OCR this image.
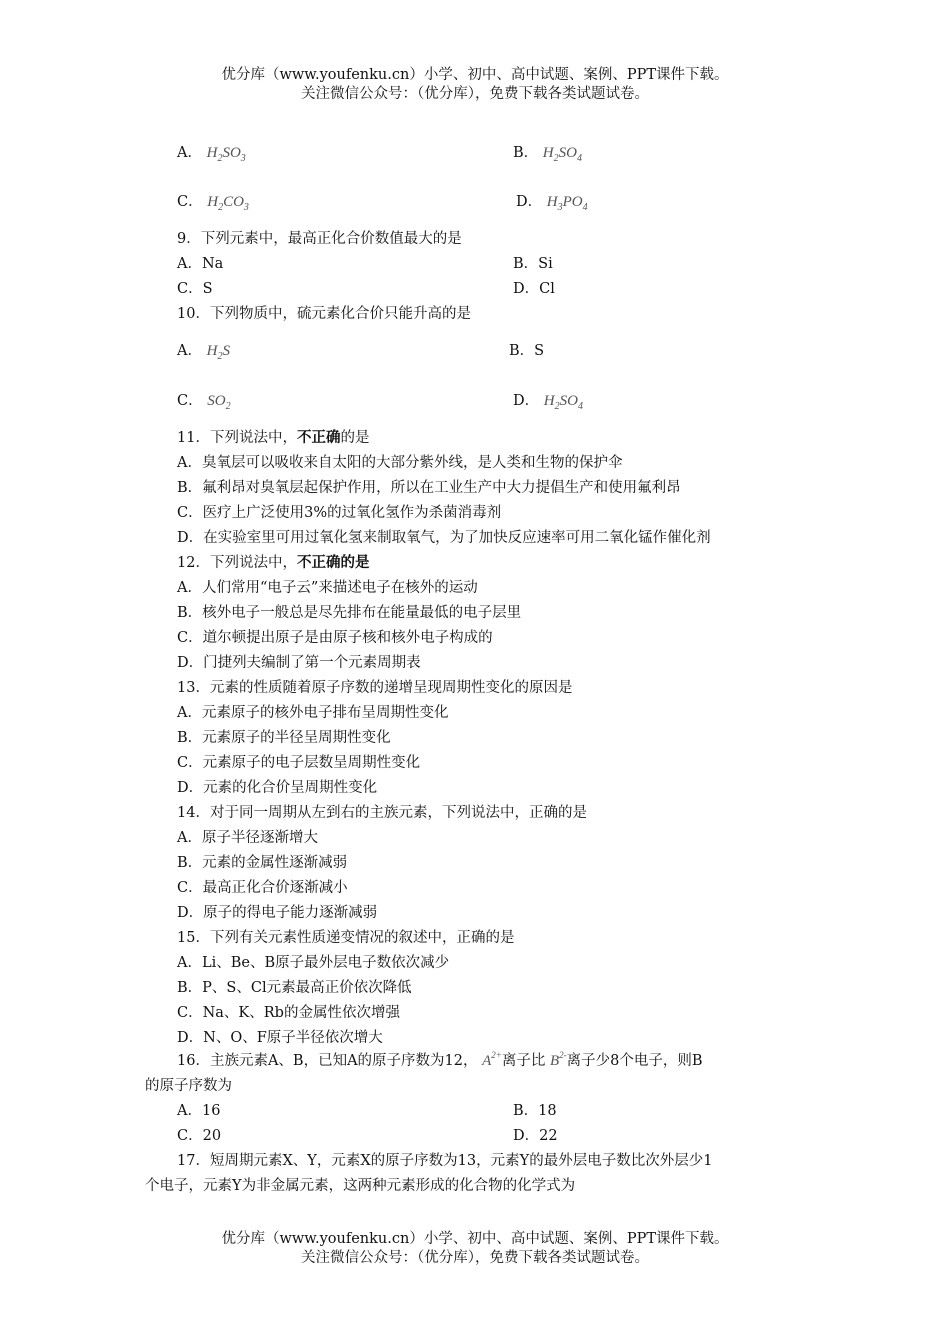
优分库（www.youfenku.cn）小学、初中、高中试题、案例、PPT课件下载。
关注微信公众号：（优分库），免费下载各类试题试卷。
A． $H_2SO_3$	B． $H_2SO_4$
C． $H_2CO_3$	D． $H_3PO_4$
9．下列元素中，最高正化合价数值最大的是
A．Na	B．Si
C．S	D．Cl
10．下列物质中，硫元素化合价只能升高的是
A． $H_2S$	B．S
C． $SO_2$	D． $H_2SO_4$
11．下列说法中，不正确的是
A．臭氧层可以吸收来自太阳的大部分紫外线，是人类和生物的保护伞
B．氟利昂对臭氧层起保护作用，所以在工业生产中大力提倡生产和使用氟利昂
C．医疗上广泛使用3%的过氧化氢作为杀菌消毒剂
D．在实验室里可用过氧化氢来制取氧气，为了加快反应速率可用二氧化锰作催化剂
12．下列说法中，不正确的是
A．人们常用“电子云”来描述电子在核外的运动
B．核外电子一般总是尽先排布在能量最低的电子层里
C．道尔顿提出原子是由原子核和核外电子构成的
D．门捷列夫编制了第一个元素周期表
13．元素的性质随着原子序数的递增呈现周期性变化的原因是
A．元素原子的核外电子排布呈周期性变化
B．元素原子的半径呈周期性变化
C．元素原子的电子层数呈周期性变化
D．元素的化合价呈周期性变化
14．对于同一周期从左到右的主族元素，下列说法中，正确的是
A．原子半径逐渐增大
B．元素的金属性逐渐减弱
C．最高正化合价逐渐减小
D．原子的得电子能力逐渐减弱
15．下列有关元素性质递变情况的叙述中，正确的是
A．Li、Be、B原子最外层电子数依次减少
B．P、S、Cl元素最高正价依次降低
C．Na、K、Rb的金属性依次增强
D．N、O、F原子半径依次增大
16．主族元素A、B，已知A的原子序数为12， $A^{2+}$离子比 $B^{2-}$离子少8个电子，则B
的原子序数为
A．16	B．18
C．20	D．22
17．短周期元素X、Y，元素X的原子序数为13，元素Y的最外层电子数比次外层少1
个电子，元素Y为非金属元素，这两种元素形成的化合物的化学式为
优分库（www.youfenku.cn）小学、初中、高中试题、案例、PPT课件下载。
关注微信公众号：（优分库），免费下载各类试题试卷。
